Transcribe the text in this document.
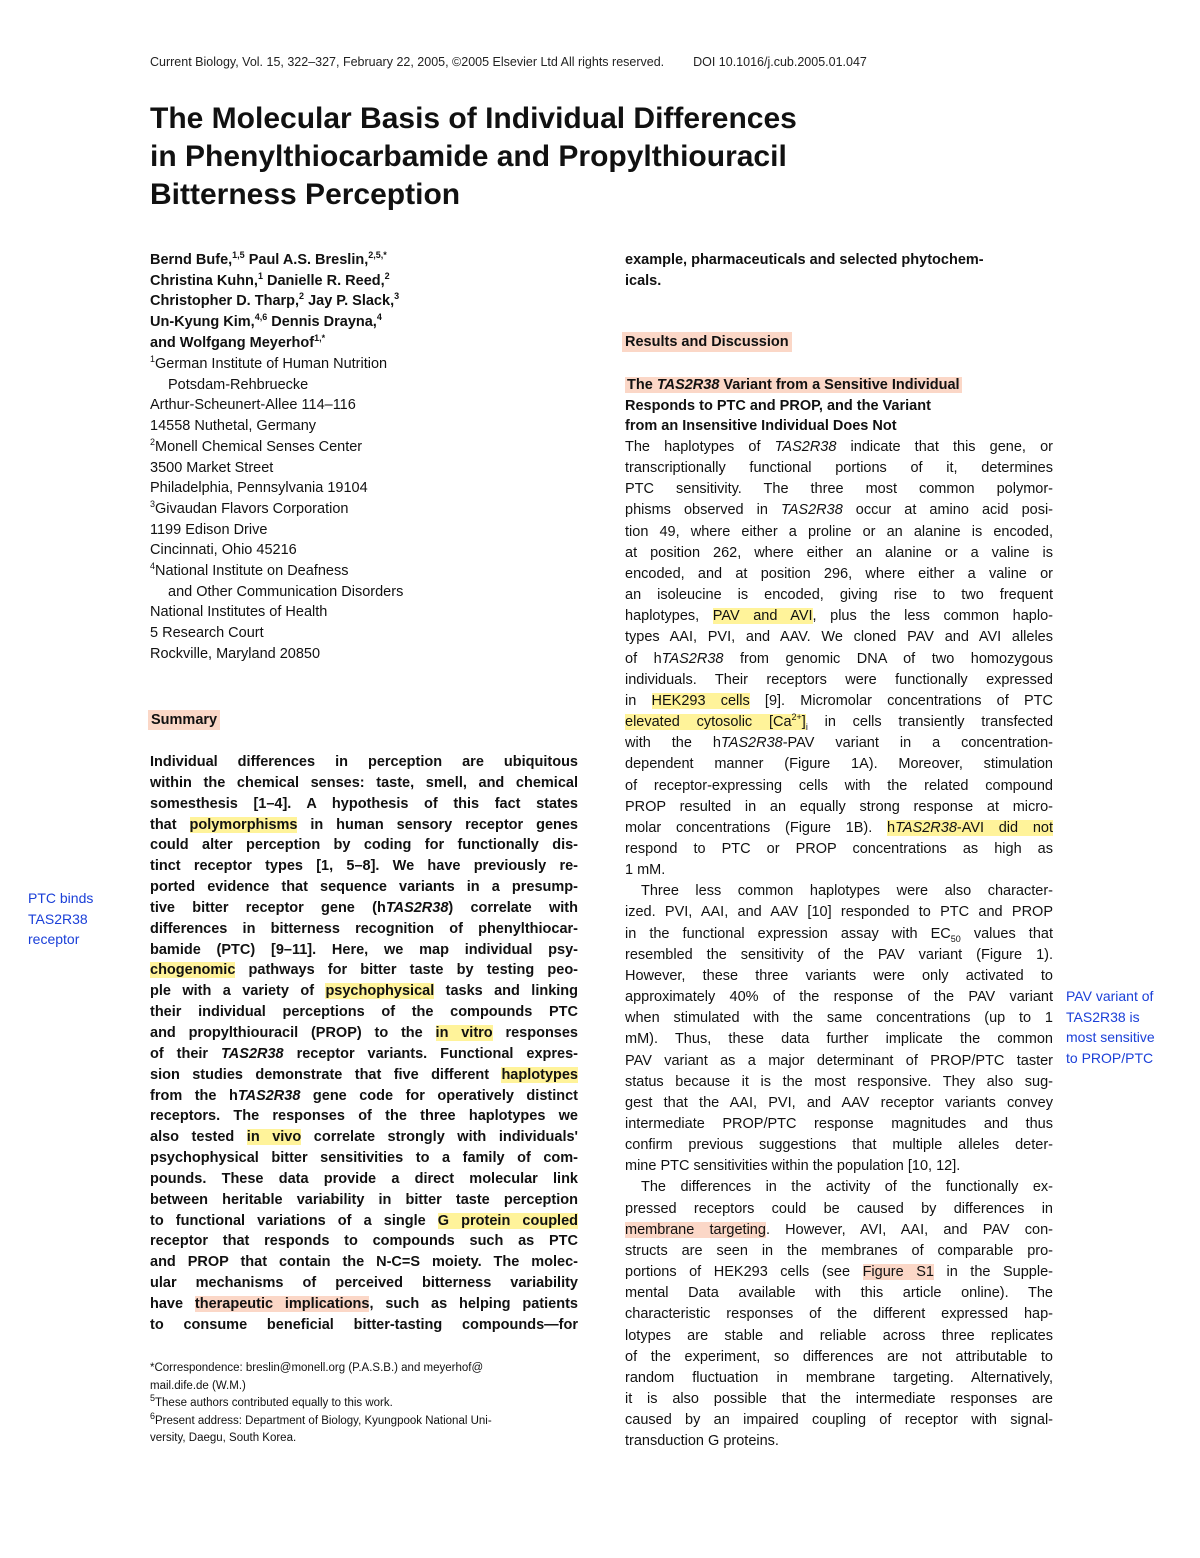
Current Biology, Vol. 15, 322–327, February 22, 2005, ©2005 Elsevier Ltd All rights reserved. DOI 10.1016/j.cub.2005.01.047
The Molecular Basis of Individual Differences
in Phenylthiocarbamide and Propylthiouracil
Bitterness Perception
Bernd Bufe,$^{1,5}$ Paul A.S. Breslin,$^{2,5,*}$
Christina Kuhn,$^1$ Danielle R. Reed,$^2$
Christopher D. Tharp,$^2$ Jay P. Slack,$^3$
Un-Kyung Kim,$^{4,6}$ Dennis Drayna,$^4$
and Wolfgang Meyerhof$^{1,*}$
$^1$German Institute of Human Nutrition
Potsdam-Rehbruecke
Arthur-Scheunert-Allee 114–116
14558 Nuthetal, Germany
$^2$Monell Chemical Senses Center
3500 Market Street
Philadelphia, Pennsylvania 19104
$^3$Givaudan Flavors Corporation
1199 Edison Drive
Cincinnati, Ohio 45216
$^4$National Institute on Deafness
and Other Communication Disorders
National Institutes of Health
5 Research Court
Rockville, Maryland 20850
Summary
Individual differences in perception are ubiquitous
within the chemical senses: taste, smell, and chemical
somesthesis [1–4]. A hypothesis of this fact states
that polymorphisms in human sensory receptor genes
could alter perception by coding for functionally dis-
tinct receptor types [1, 5–8]. We have previously re-
ported evidence that sequence variants in a presump-
tive bitter receptor gene (hTAS2R38) correlate with
differences in bitterness recognition of phenylthiocar-
bamide (PTC) [9–11]. Here, we map individual psy-
chogenomic pathways for bitter taste by testing peo-
ple with a variety of psychophysical tasks and linking
their individual perceptions of the compounds PTC
and propylthiouracil (PROP) to the in vitro responses
of their TAS2R38 receptor variants. Functional expres-
sion studies demonstrate that five different haplotypes
from the hTAS2R38 gene code for operatively distinct
receptors. The responses of the three haplotypes we
also tested in vivo correlate strongly with individuals'
psychophysical bitter sensitivities to a family of com-
pounds. These data provide a direct molecular link
between heritable variability in bitter taste perception
to functional variations of a single G protein coupled
receptor that responds to compounds such as PTC
and PROP that contain the N-C=S moiety. The molec-
ular mechanisms of perceived bitterness variability
have therapeutic implications, such as helping patients
to consume beneficial bitter-tasting compounds—for
*Correspondence: breslin@monell.org (P.A.S.B.) and meyerhof@
mail.dife.de (W.M.)
$^5$These authors contributed equally to this work.
$^6$Present address: Department of Biology, Kyungpook National Uni-
versity, Daegu, South Korea.
example, pharmaceuticals and selected phytochem-
icals.
Results and Discussion
The TAS2R38 Variant from a Sensitive Individual
Responds to PTC and PROP, and the Variant
from an Insensitive Individual Does Not
The haplotypes of TAS2R38 indicate that this gene, or
transcriptionally functional portions of it, determines
PTC sensitivity. The three most common polymor-
phisms observed in TAS2R38 occur at amino acid posi-
tion 49, where either a proline or an alanine is encoded,
at position 262, where either an alanine or a valine is
encoded, and at position 296, where either a valine or
an isoleucine is encoded, giving rise to two frequent
haplotypes, PAV and AVI, plus the less common haplo-
types AAI, PVI, and AAV. We cloned PAV and AVI alleles
of hTAS2R38 from genomic DNA of two homozygous
individuals. Their receptors were functionally expressed
in HEK293 cells [9]. Micromolar concentrations of PTC
elevated cytosolic $[Ca^{2+}]_i$ in cells transiently transfected
with the hTAS2R38-PAV variant in a concentration-
dependent manner (Figure 1A). Moreover, stimulation
of receptor-expressing cells with the related compound
PROP resulted in an equally strong response at micro-
molar concentrations (Figure 1B). hTAS2R38-AVI did not
respond to PTC or PROP concentrations as high as
1 mM.
Three less common haplotypes were also character-
ized. PVI, AAI, and AAV [10] responded to PTC and PROP
in the functional expression assay with $EC_{50}$ values that
resembled the sensitivity of the PAV variant (Figure 1).
However, these three variants were only activated to
approximately 40% of the response of the PAV variant
when stimulated with the same concentrations (up to 1
mM). Thus, these data further implicate the common
PAV variant as a major determinant of PROP/PTC taster
status because it is the most responsive. They also sug-
gest that the AAI, PVI, and AAV receptor variants convey
intermediate PROP/PTC response magnitudes and thus
confirm previous suggestions that multiple alleles deter-
mine PTC sensitivities within the population [10, 12].
The differences in the activity of the functionally ex-
pressed receptors could be caused by differences in
membrane targeting. However, AVI, AAI, and PAV con-
structs are seen in the membranes of comparable pro-
portions of HEK293 cells (see Figure S1 in the Supple-
mental Data available with this article online). The
characteristic responses of the different expressed hap-
lotypes are stable and reliable across three replicates
of the experiment, so differences are not attributable to
random fluctuation in membrane targeting. Alternatively,
it is also possible that the intermediate responses are
caused by an impaired coupling of receptor with signal-
transduction G proteins.
PTC binds
TAS2R38
receptor
PAV variant of
TAS2R38 is
most sensitive
to PROP/PTC
